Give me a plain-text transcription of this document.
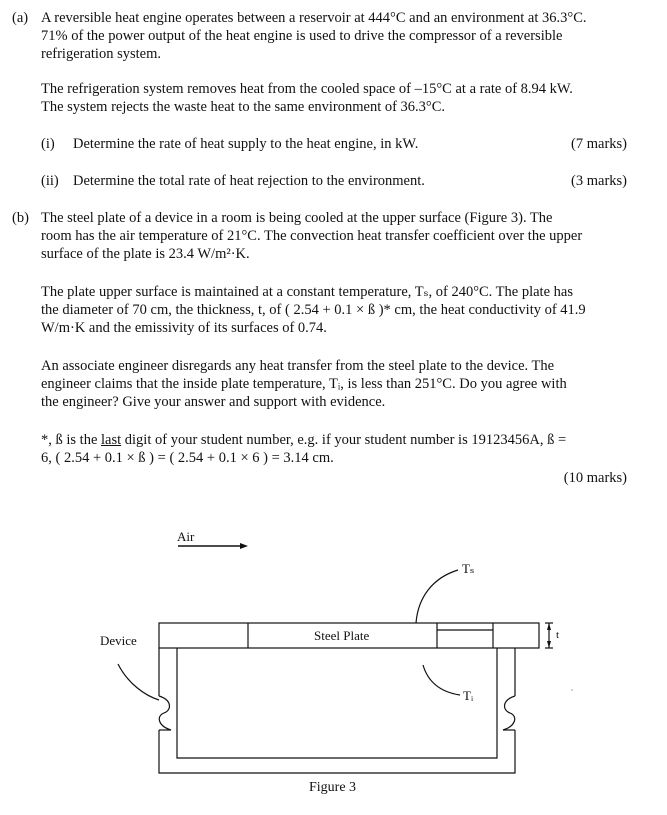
(a) A reversible heat engine operates between a reservoir at 444°C and an environment at 36.3°C.
71% of the power output of the heat engine is used to drive the compressor of a reversible
refrigeration system.
The refrigeration system removes heat from the cooled space of –15°C at a rate of 8.94 kW.
The system rejects the waste heat to the same environment of 36.3°C.
(i) Determine the rate of heat supply to the heat engine, in kW.	(7 marks)
(ii) Determine the total rate of heat rejection to the environment.	(3 marks)
(b) The steel plate of a device in a room is being cooled at the upper surface (Figure 3). The
room has the air temperature of 21°C. The convection heat transfer coefficient over the upper
surface of the plate is 23.4 W/m²·K.
The plate upper surface is maintained at a constant temperature, Tₛ, of 240°C. The plate has
the diameter of 70 cm, the thickness, t, of ( 2.54 + 0.1 × ß )* cm, the heat conductivity of 41.9
W/m·K and the emissivity of its surfaces of 0.74.
An associate engineer disregards any heat transfer from the steel plate to the device. The
engineer claims that the inside plate temperature, Tᵢ, is less than 251°C. Do you agree with
the engineer? Give your answer and support with evidence.
*, ß is the last digit of your student number, e.g. if your student number is 19123456A, ß =
6, ( 2.54 + 0.1 × ß ) = ( 2.54 + 0.1 × 6 ) = 3.14 cm.
(10 marks)
Air
Tₛ
Device	Steel Plate	t
Tᵢ
Figure 3
